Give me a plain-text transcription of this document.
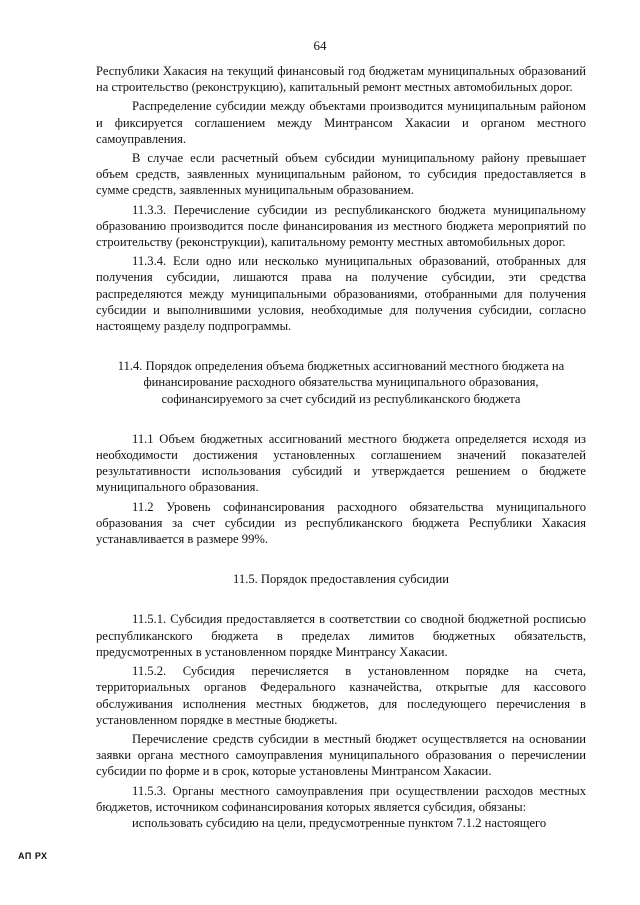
64

Республики Хакасия на текущий финансовый год бюджетам муниципальных образований на строительство (реконструкцию), капитальный ремонт местных автомобильных дорог.

Распределение субсидии между объектами производится муниципальным районом и фиксируется соглашением между Минтрансом Хакасии и органом местного самоуправления.

В случае если расчетный объем субсидии муниципальному району превышает объем средств, заявленных муниципальным районом, то субсидия предоставляется в сумме средств, заявленных муниципальным образованием.

11.3.3. Перечисление субсидии из республиканского бюджета муниципальному образованию производится после финансирования из местного бюджета мероприятий по строительству (реконструкции), капитальному ремонту местных автомобильных дорог.

11.3.4. Если одно или несколько муниципальных образований, отобранных для получения субсидии, лишаются права на получение субсидии, эти средства распределяются между муниципальными образованиями, отобранными для получения субсидии и выполнившими условия, необходимые для получения субсидии, согласно настоящему разделу подпрограммы.

11.4. Порядок определения объема бюджетных ассигнований местного бюджета на финансирование расходного обязательства муниципального образования, софинансируемого за счет субсидий из республиканского бюджета

11.1 Объем бюджетных ассигнований местного бюджета определяется исходя из необходимости достижения установленных соглашением значений показателей результативности использования субсидий и утверждается решением о бюджете муниципального образования.

11.2 Уровень софинансирования расходного обязательства муниципального образования за счет субсидии из республиканского бюджета Республики Хакасия устанавливается в размере 99%.

11.5. Порядок предоставления субсидии

11.5.1. Субсидия предоставляется в соответствии со сводной бюджетной росписью республиканского бюджета в пределах лимитов бюджетных обязательств, предусмотренных в установленном порядке Минтрансу Хакасии.

11.5.2. Субсидия перечисляется в установленном порядке на счета, территориальных органов Федерального казначейства, открытые для кассового обслуживания исполнения местных бюджетов, для последующего перечисления в установленном порядке в местные бюджеты.

Перечисление средств субсидии в местный бюджет осуществляется на основании заявки органа местного самоуправления муниципального образования о перечислении субсидии по форме и в срок, которые установлены Минтрансом Хакасии.

11.5.3. Органы местного самоуправления при осуществлении расходов местных бюджетов, источником софинансирования которых является субсидия, обязаны:

использовать субсидию на цели, предусмотренные пунктом 7.1.2 настоящего

АП РХ
